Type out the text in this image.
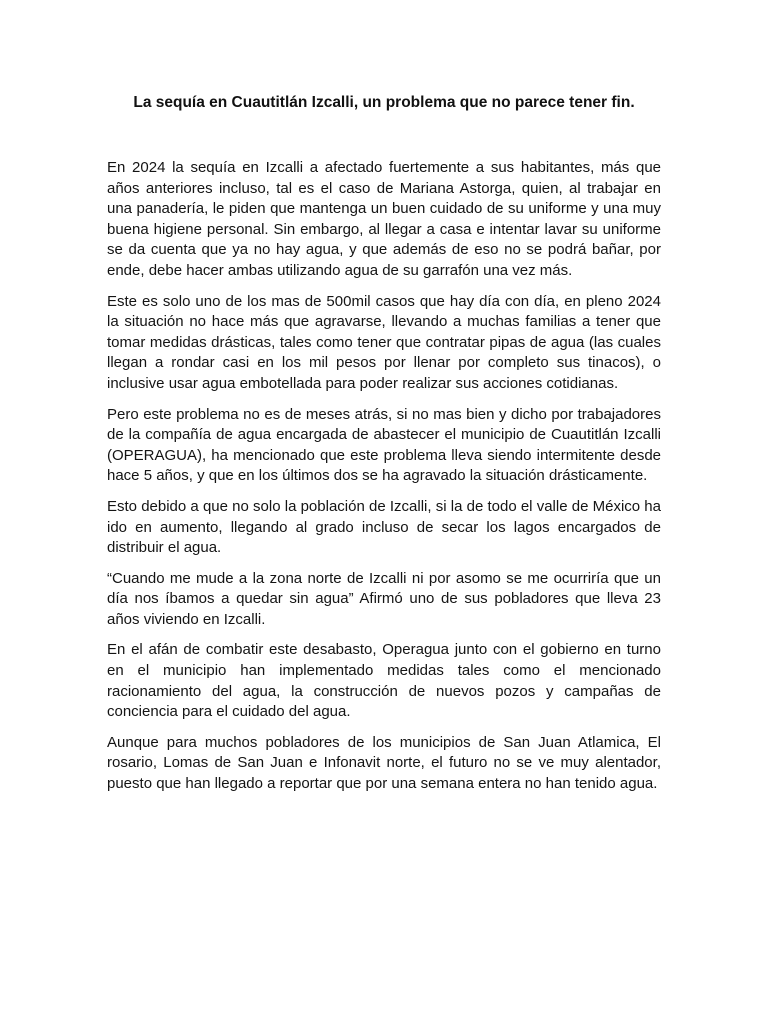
La sequía en Cuautitlán Izcalli, un problema que no parece tener fin.

En 2024 la sequía en Izcalli a afectado fuertemente a sus habitantes, más que años anteriores incluso, tal es el caso de Mariana Astorga, quien, al trabajar en una panadería, le piden que mantenga un buen cuidado de su uniforme y una muy buena higiene personal. Sin embargo, al llegar a casa e intentar lavar su uniforme se da cuenta que ya no hay agua, y que además de eso no se podrá bañar, por ende, debe hacer ambas utilizando agua de su garrafón una vez más.

Este es solo uno de los mas de 500mil casos que hay día con día, en pleno 2024 la situación no hace más que agravarse, llevando a muchas familias a tener que tomar medidas drásticas, tales como tener que contratar pipas de agua (las cuales llegan a rondar casi en los mil pesos por llenar por completo sus tinacos), o inclusive usar agua embotellada para poder realizar sus acciones cotidianas.

Pero este problema no es de meses atrás, si no mas bien y dicho por trabajadores de la compañía de agua encargada de abastecer el municipio de Cuautitlán Izcalli (OPERAGUA), ha mencionado que este problema lleva siendo intermitente desde hace 5 años, y que en los últimos dos se ha agravado la situación drásticamente.

Esto debido a que no solo la población de Izcalli, si la de todo el valle de México ha ido en aumento, llegando al grado incluso de secar los lagos encargados de distribuir el agua.

“Cuando me mude a la zona norte de Izcalli ni por asomo se me ocurriría que un día nos íbamos a quedar sin agua” Afirmó uno de sus pobladores que lleva 23 años viviendo en Izcalli.

En el afán de combatir este desabasto, Operagua junto con el gobierno en turno en el municipio han implementado medidas tales como el mencionado racionamiento del agua, la construcción de nuevos pozos y campañas de conciencia para el cuidado del agua.

Aunque para muchos pobladores de los municipios de San Juan Atlamica, El rosario, Lomas de San Juan e Infonavit norte, el futuro no se ve muy alentador, puesto que han llegado a reportar que por una semana entera no han tenido agua.
